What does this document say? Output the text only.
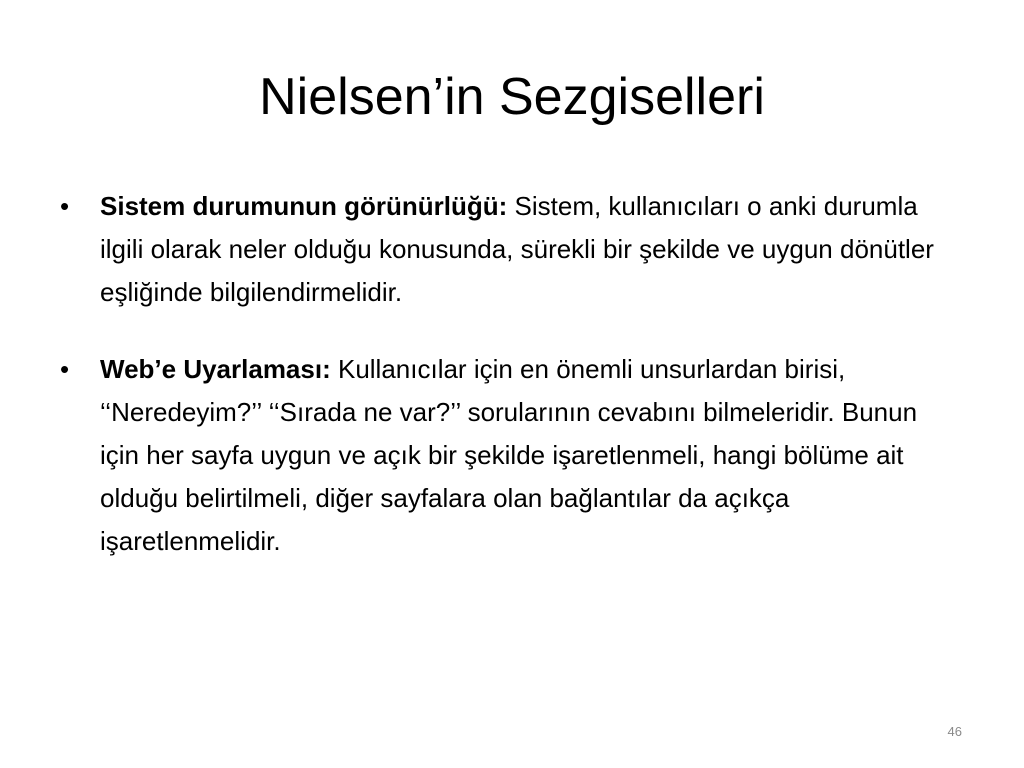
Nielsen’in Sezgiselleri
•	Sistem durumunun görünürlüğü: Sistem, kullanıcıları o anki durumla ilgili olarak neler olduğu konusunda, sürekli bir şekilde ve uygun dönütler eşliğinde bilgilendirmelidir.
•	Web’e Uyarlaması: Kullanıcılar için en önemli unsurlardan birisi, ‘‘Neredeyim?’’ ‘‘Sırada ne var?’’ sorularının cevabını bilmeleridir. Bunun için her sayfa uygun ve açık bir şekilde işaretlenmeli, hangi bölüme ait olduğu belirtilmeli, diğer sayfalara olan bağlantılar da açıkça işaretlenmelidir.
46
